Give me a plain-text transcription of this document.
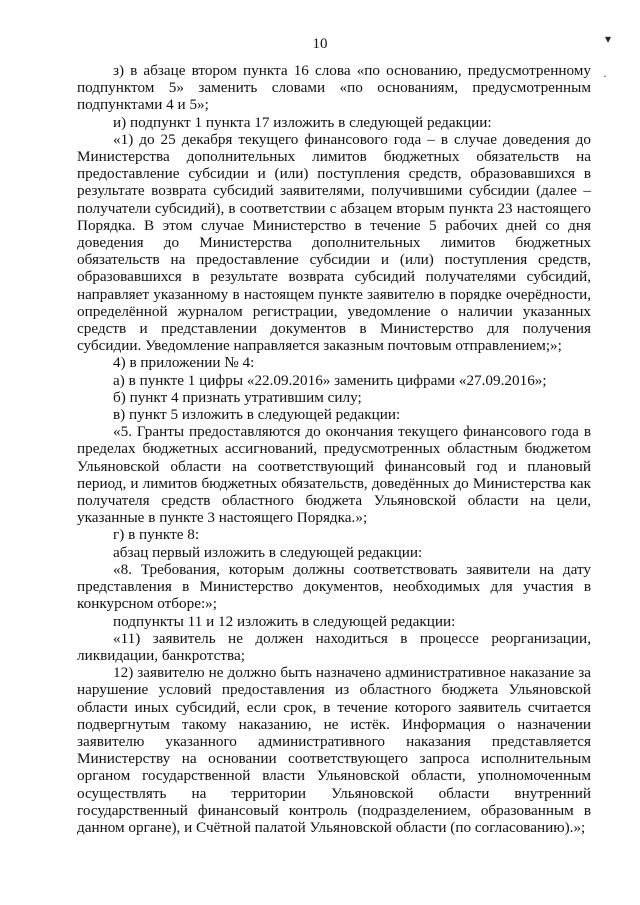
10	▾
·

з) в абзаце втором пункта 16 слова «по основанию, предусмотренному подпунктом 5» заменить словами «по основаниям, предусмотренным подпунктами 4 и 5»;

и) подпункт 1 пункта 17 изложить в следующей редакции:

«1) до 25 декабря текущего финансового года – в случае доведения до Министерства дополнительных лимитов бюджетных обязательств на предоставление субсидии и (или) поступления средств, образовавшихся в результате возврата субсидий заявителями, получившими субсидии (далее – получатели субсидий), в соответствии с абзацем вторым пункта 23 настоящего Порядка. В этом случае Министерство в течение 5 рабочих дней со дня доведения до Министерства дополнительных лимитов бюджетных обязательств на предоставление субсидии и (или) поступления средств, образовавшихся в результате возврата субсидий получателями субсидий, направляет указанному в настоящем пункте заявителю в порядке очерёдности, определённой журналом регистрации, уведомление о наличии указанных средств и представлении документов в Министерство для получения субсидии. Уведомление направляется заказным почтовым отправлением;»;

4) в приложении № 4:

а) в пункте 1 цифры «22.09.2016» заменить цифрами «27.09.2016»;

б) пункт 4 признать утратившим силу;

в) пункт 5 изложить в следующей редакции:

«5. Гранты предоставляются до окончания текущего финансового года в пределах бюджетных ассигнований, предусмотренных областным бюджетом Ульяновской области на соответствующий финансовый год и плановый период, и лимитов бюджетных обязательств, доведённых до Министерства как получателя средств областного бюджета Ульяновской области на цели, указанные в пункте 3 настоящего Порядка.»;

г) в пункте 8:

абзац первый изложить в следующей редакции:

«8. Требования, которым должны соответствовать заявители на дату представления в Министерство документов, необходимых для участия в конкурсном отборе:»;

подпункты 11 и 12 изложить в следующей редакции:

«11) заявитель не должен находиться в процессе реорганизации, ликвидации, банкротства;

12) заявителю не должно быть назначено административное наказание за нарушение условий предоставления из областного бюджета Ульяновской области иных субсидий, если срок, в течение которого заявитель считается подвергнутым такому наказанию, не истёк. Информация о назначении заявителю указанного административного наказания представляется Министерству на основании соответствующего запроса исполнительным органом государственной власти Ульяновской области, уполномоченным осуществлять на территории Ульяновской области внутренний государственный финансовый контроль (подразделением, образованным в данном органе), и Счётной палатой Ульяновской области (по согласованию).»;
